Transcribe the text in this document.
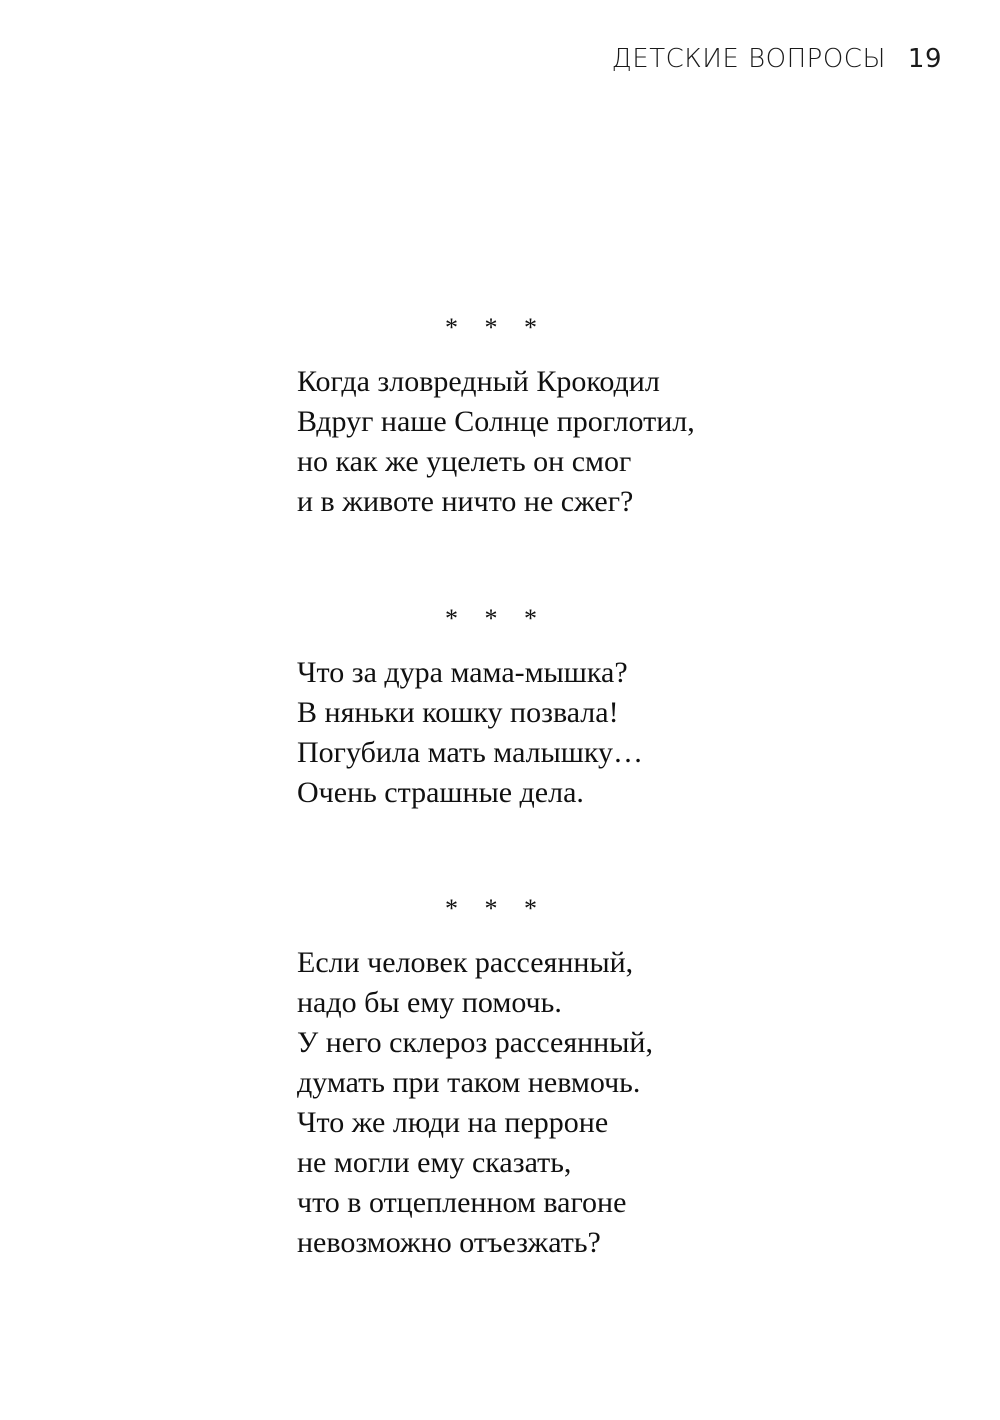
ДЕТСКИЕ ВОПРОСЫ 19
* * *
Когда зловредный Крокодил
Вдруг наше Солнце проглотил,
но как же уцелеть он смог
и в животе ничто не сжег?
* * *
Что за дура мама-мышка?
В няньки кошку позвала!
Погубила мать малышку…
Очень страшные дела.
* * *
Если человек рассеянный,
надо бы ему помочь.
У него склероз рассеянный,
думать при таком невмочь.
Что же люди на перроне
не могли ему сказать,
что в отцепленном вагоне
невозможно отъезжать?
